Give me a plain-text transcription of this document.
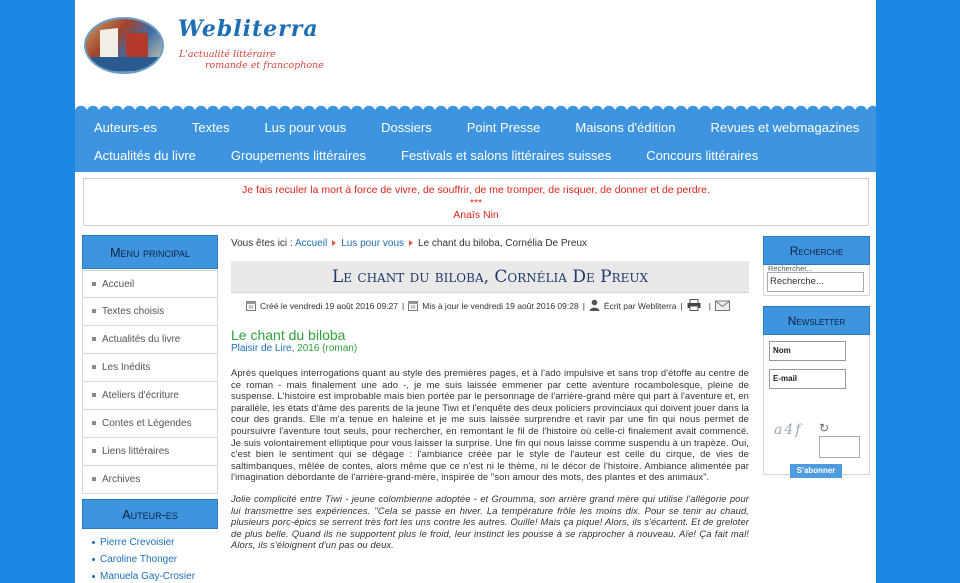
Webliterra
L'actualité littéraire
romande et francophone
Auteurs-es	Textes	Lus pour vous	Dossiers	Point Presse	Maisons d'édition	Revues et webmagazines
Actualités du livre	Groupements littéraires	Festivals et salons littéraires suisses	Concours littéraires
Je fais reculer la mort à force de vivre, de souffrir, de me tromper, de risquer, de donner et de perdre.
***
Anaïs Nin
Menu principal
Accueil
Textes choisis
Actualités du livre
Les Inédits
Ateliers d'écriture
Contes et Légendes
Liens littéraires
Archives
Auteur-es
Pierre Crevoisier
Caroline Thonger
Manuela Gay-Crosier
Vous êtes ici : Accueil Lus pour vous Le chant du biloba, Cornélia De Preux
Le chant du biloba, Cornélia De Preux
Créé le vendredi 19 août 2016 09:27 | Mis à jour le vendredi 19 août 2016 09:28 | Écrit par Webliterra |	|
Le chant du biloba
Plaisir de Lire, 2016 (roman)
Après quelques interrogations quant au style des premières pages, et à l'ado impulsive et sans trop d'étoffe au centre de ce roman - mais finalement une ado -, je me suis laissée emmener par cette aventure rocambolesque, pleine de suspense. L'histoire est improbable mais bien portée par le personnage de l'arrière-grand mère qui part à l'aventure et, en parallèle, les états d'âme des parents de la jeune Tiwi et l'enquête des deux policiers provinciaux qui doivent jouer dans la cour des grands. Elle m'a tenue en haleine et je me suis laissée surprendre et ravir par une fin qui nous permet de poursuivre l'aventure tout seuls, pour rechercher, en remontant le fil de l'histoire où celle-ci finalement avait commencé. Je suis volontairement elliptique pour vous laisser la surprise. Une fin qui nous laisse comme suspendu à un trapèze. Oui, c'est bien le sentiment qui se dégage : l'ambiance créée par le style de l'auteur est celle du cirque, de vies de saltimbanques, mêlée de contes, alors même que ce n'est ni le thème, ni le décor de l'histoire. Ambiance alimentée par l'imagination débordante de l'arrière-grand-mère, inspirée de "son amour des mots, des plantes et des animaux".
Jolie complicité entre Tiwi - jeune colombienne adoptée - et Groumma, son arrière grand mère qui utilise l'allégorie pour lui transmettre ses expériences. "Cela se passe en hiver. La température frôle les moins dix. Pour se tenir au chaud, plusieurs porc-épics se serrent très fort les uns contre les autres. Ouille! Mais ça pique! Alors, ils s'écartent. Et de greloter de plus belle. Quand ils ne supportent plus le froid, leur instinct les pousse à se rapprocher à nouveau. Aïe! Ça fait mal! Alors, ils s'éloignent d'un pas ou deux.
Recherche
Rechercher...
Recherche...
Newsletter
Nom
E-mail
a4f ↻
S'abonner
